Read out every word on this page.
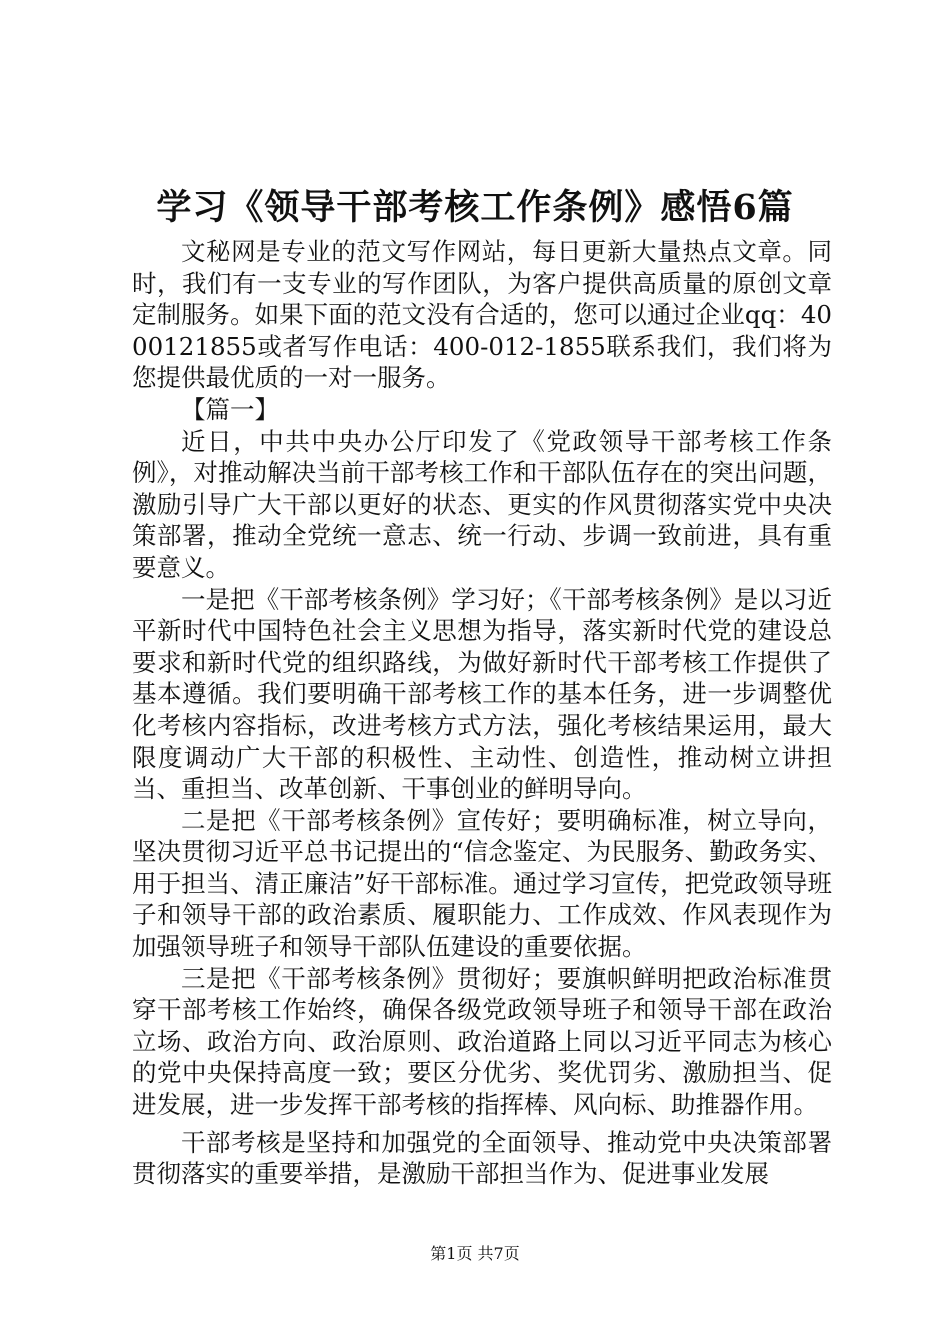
学习《领导干部考核工作条例》感悟6篇

文秘网是专业的范文写作网站，每日更新大量热点文章。同时，我们有一支专业的写作团队，为客户提供高质量的原创文章定制服务。如果下面的范文没有合适的，您可以通过企业qq：4000121855或者写作电话：400-012-1855联系我们，我们将为您提供最优质的一对一服务。

【篇一】

近日，中共中央办公厅印发了《党政领导干部考核工作条例》，对推动解决当前干部考核工作和干部队伍存在的突出问题，激励引导广大干部以更好的状态、更实的作风贯彻落实党中央决策部署，推动全党统一意志、统一行动、步调一致前进，具有重要意义。

一是把《干部考核条例》学习好；《干部考核条例》是以习近平新时代中国特色社会主义思想为指导，落实新时代党的建设总要求和新时代党的组织路线，为做好新时代干部考核工作提供了基本遵循。我们要明确干部考核工作的基本任务，进一步调整优化考核内容指标，改进考核方式方法，强化考核结果运用，最大限度调动广大干部的积极性、主动性、创造性，推动树立讲担当、重担当、改革创新、干事创业的鲜明导向。

二是把《干部考核条例》宣传好；要明确标准，树立导向，坚决贯彻习近平总书记提出的“信念鉴定、为民服务、勤政务实、用于担当、清正廉洁”好干部标准。通过学习宣传，把党政领导班子和领导干部的政治素质、履职能力、工作成效、作风表现作为加强领导班子和领导干部队伍建设的重要依据。

三是把《干部考核条例》贯彻好；要旗帜鲜明把政治标准贯穿干部考核工作始终，确保各级党政领导班子和领导干部在政治立场、政治方向、政治原则、政治道路上同以习近平同志为核心的党中央保持高度一致；要区分优劣、奖优罚劣、激励担当、促进发展，进一步发挥干部考核的指挥棒、风向标、助推器作用。

干部考核是坚持和加强党的全面领导、推动党中央决策部署贯彻落实的重要举措，是激励干部担当作为、促进事业发展

第1页 共7页
